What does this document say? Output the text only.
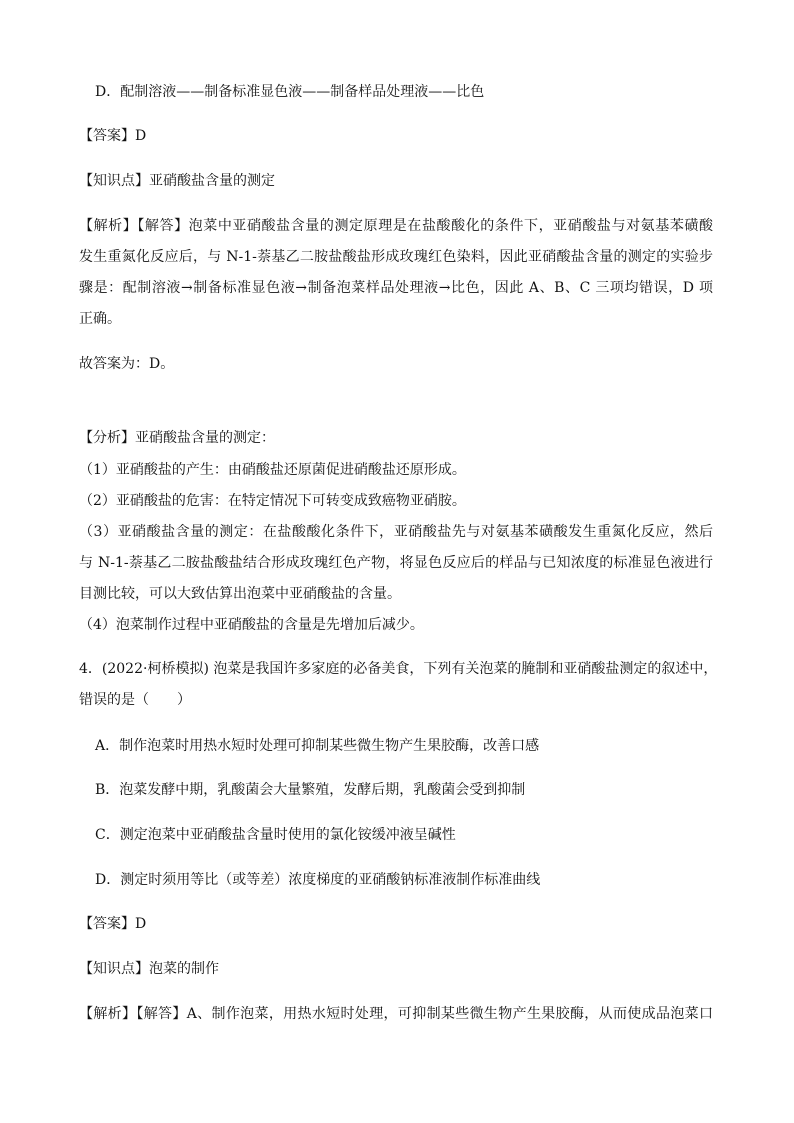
D．配制溶液——制备标准显色液——制备样品处理液——比色
【答案】D
【知识点】亚硝酸盐含量的测定
【解析】【解答】泡菜中亚硝酸盐含量的测定原理是在盐酸酸化的条件下，亚硝酸盐与对氨基苯磺酸
发生重氮化反应后，与 N-1-萘基乙二胺盐酸盐形成玫瑰红色染料，因此亚硝酸盐含量的测定的实验步
骤是：配制溶液→制备标准显色液→制备泡菜样品处理液→比色，因此 A、B、C 三项均错误，D 项
正确。
故答案为：D。
【分析】亚硝酸盐含量的测定：
（1）亚硝酸盐的产生：由硝酸盐还原菌促进硝酸盐还原形成。
（2）亚硝酸盐的危害：在特定情况下可转变成致癌物亚硝胺。
（3）亚硝酸盐含量的测定：在盐酸酸化条件下，亚硝酸盐先与对氨基苯磺酸发生重氮化反应，然后
与 N-1-萘基乙二胺盐酸盐结合形成玫瑰红色产物，将显色反应后的样品与已知浓度的标准显色液进行
目测比较，可以大致估算出泡菜中亚硝酸盐的含量。
（4）泡菜制作过程中亚硝酸盐的含量是先增加后减少。
4．(2022·柯桥模拟) 泡菜是我国许多家庭的必备美食，下列有关泡菜的腌制和亚硝酸盐测定的叙述中，
错误的是（　　）
A．制作泡菜时用热水短时处理可抑制某些微生物产生果胶酶，改善口感
B．泡菜发酵中期，乳酸菌会大量繁殖，发酵后期，乳酸菌会受到抑制
C．测定泡菜中亚硝酸盐含量时使用的氯化铵缓冲液呈碱性
D．测定时须用等比（或等差）浓度梯度的亚硝酸钠标准液制作标准曲线
【答案】D
【知识点】泡菜的制作
【解析】【解答】A、制作泡菜，用热水短时处理，可抑制某些微生物产生果胶酶，从而使成品泡菜口
